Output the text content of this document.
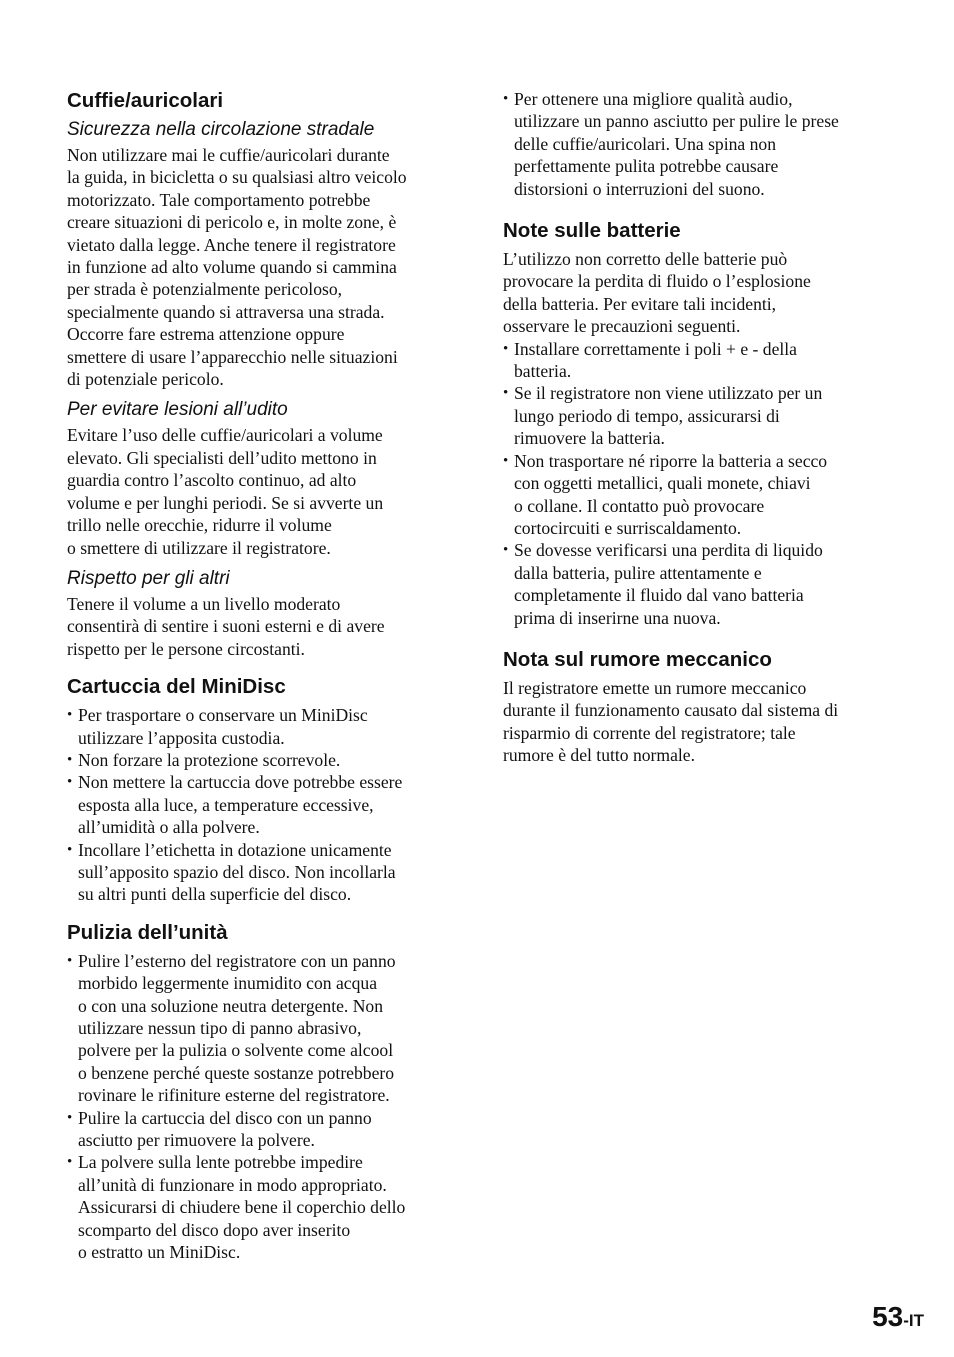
Cuffie/auricolari
Sicurezza nella circolazione stradale

Non utilizzare mai le cuffie/auricolari durante
la guida, in bicicletta o su qualsiasi altro veicolo
motorizzato. Tale comportamento potrebbe
creare situazioni di pericolo e, in molte zone, è
vietato dalla legge. Anche tenere il registratore
in funzione ad alto volume quando si cammina
per strada è potenzialmente pericoloso,
specialmente quando si attraversa una strada.
Occorre fare estrema attenzione oppure
smettere di usare l’apparecchio nelle situazioni
di potenziale pericolo.

Per evitare lesioni all’udito

Evitare l’uso delle cuffie/auricolari a volume
elevato. Gli specialisti dell’udito mettono in
guardia contro l’ascolto continuo, ad alto
volume e per lunghi periodi. Se si avverte un
trillo nelle orecchie, ridurre il volume
o smettere di utilizzare il registratore.

Rispetto per gli altri

Tenere il volume a un livello moderato
consentirà di sentire i suoni esterni e di avere
rispetto per le persone circostanti.

Cartuccia del MiniDisc
• Per trasportare o conservare un MiniDisc
utilizzare l’apposita custodia.
• Non forzare la protezione scorrevole.
• Non mettere la cartuccia dove potrebbe essere
esposta alla luce, a temperature eccessive,
all’umidità o alla polvere.
• Incollare l’etichetta in dotazione unicamente
sull’apposito spazio del disco. Non incollarla
su altri punti della superficie del disco.
Pulizia dell’unità
• Pulire l’esterno del registratore con un panno
morbido leggermente inumidito con acqua
o con una soluzione neutra detergente. Non
utilizzare nessun tipo di panno abrasivo,
polvere per la pulizia o solvente come alcool
o benzene perché queste sostanze potrebbero
rovinare le rifiniture esterne del registratore.
• Pulire la cartuccia del disco con un panno
asciutto per rimuovere la polvere.
• La polvere sulla lente potrebbe impedire
all’unità di funzionare in modo appropriato.
Assicurarsi di chiudere bene il coperchio dello
scomparto del disco dopo aver inserito
o estratto un MiniDisc.
• Per ottenere una migliore qualità audio,
utilizzare un panno asciutto per pulire le prese
delle cuffie/auricolari. Una spina non
perfettamente pulita potrebbe causare
distorsioni o interruzioni del suono.
Note sulle batterie

L’utilizzo non corretto delle batterie può
provocare la perdita di fluido o l’esplosione
della batteria. Per evitare tali incidenti,
osservare le precauzioni seguenti.

• Installare correttamente i poli + e - della
batteria.
• Se il registratore non viene utilizzato per un
lungo periodo di tempo, assicurarsi di
rimuovere la batteria.
• Non trasportare né riporre la batteria a secco
con oggetti metallici, quali monete, chiavi
o collane. Il contatto può provocare
cortocircuiti e surriscaldamento.
• Se dovesse verificarsi una perdita di liquido
dalla batteria, pulire attentamente e
completamente il fluido dal vano batteria
prima di inserirne una nuova.
Nota sul rumore meccanico

Il registratore emette un rumore meccanico
durante il funzionamento causato dal sistema di
risparmio di corrente del registratore; tale
rumore è del tutto normale.

53-IT
